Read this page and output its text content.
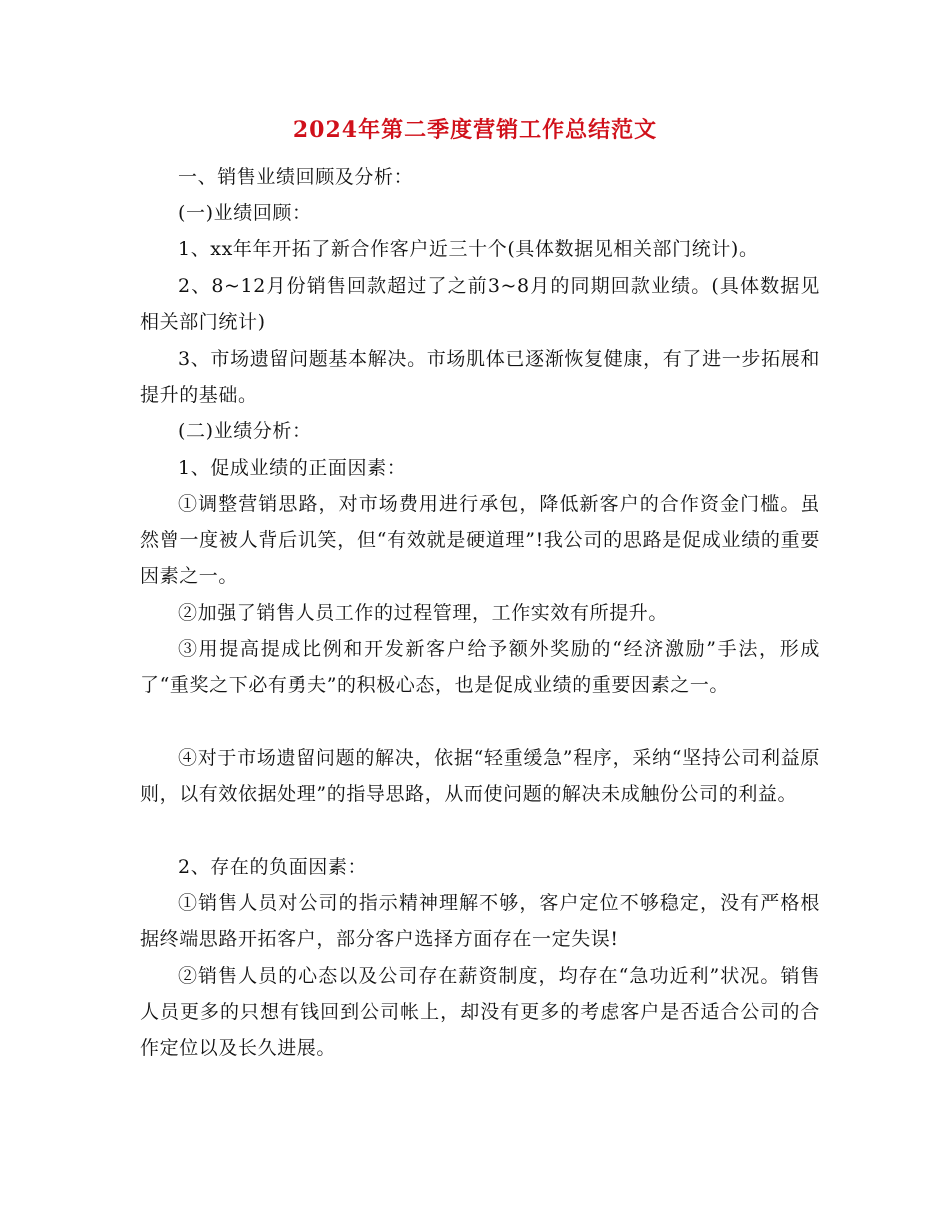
2024年第二季度营销工作总结范文

一、销售业绩回顾及分析：

(一)业绩回顾：

1、xx年年开拓了新合作客户近三十个(具体数据见相关部门统计)。

2、8~12月份销售回款超过了之前3~8月的同期回款业绩。(具体数据见相关部门统计)

3、市场遗留问题基本解决。市场肌体已逐渐恢复健康，有了进一步拓展和提升的基础。

(二)业绩分析：

1、促成业绩的正面因素：

①调整营销思路，对市场费用进行承包，降低新客户的合作资金门槛。虽然曾一度被人背后讥笑，但“有效就是硬道理”!我公司的思路是促成业绩的重要因素之一。

②加强了销售人员工作的过程管理，工作实效有所提升。

③用提高提成比例和开发新客户给予额外奖励的“经济激励”手法，形成了“重奖之下必有勇夫”的积极心态，也是促成业绩的重要因素之一。

④对于市场遗留问题的解决，依据“轻重缓急”程序，采纳“坚持公司利益原则，以有效依据处理”的指导思路，从而使问题的解决未成触份公司的利益。

2、存在的负面因素：

①销售人员对公司的指示精神理解不够，客户定位不够稳定，没有严格根据终端思路开拓客户，部分客户选择方面存在一定失误!

②销售人员的心态以及公司存在薪资制度，均存在“急功近利”状况。销售人员更多的只想有钱回到公司帐上，却没有更多的考虑客户是否适合公司的合作定位以及长久进展。
